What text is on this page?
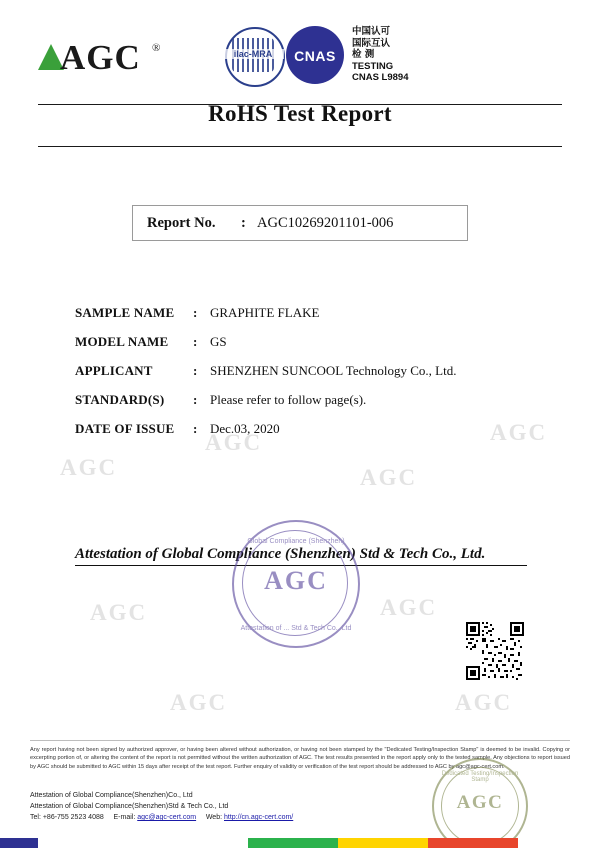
AGC
AGC
AGC
AGC
AGC	AGC
AGC	AGC
AGC ®	ilac-MRA	CNAS
中国认可
国际互认
检 测
TESTING
CNAS L9894
RoHS Test Report
Report No. : AGC10269201101-006
SAMPLE NAME : GRAPHITE FLAKE
MODEL NAME : GS
APPLICANT	: SHENZHEN SUNCOOL Technology Co., Ltd.
STANDARD(S) : Please refer to follow page(s).
DATE OF ISSUE : Dec.03, 2020
Attestation of Global Compliance (Shenzhen) Std & Tech Co., Ltd.
Global Compliance (Shenzhen)
AGC
Attestation of ... Std & Tech Co., Ltd
Any report having not been signed by authorized approver, or having been altered without authorization, or having not been stamped by the "Dedicated Testing/Inspection Stamp" is deemed to be invalid. Copying or excerpting portion of, or altering the content of the report is not permitted without the written authorization of AGC. The test results presented in the report apply only to the tested sample. Any objections to report issued by AGC should be submitted to AGC within 15 days after receipt of the test report. Further enquiry of validity or verification of the test report should be addressed to AGC by agc@agc-cert.com.
Attestation of Global Compliance(Shenzhen)Co., Ltd
Attestation of Global Compliance(Shenzhen)Std & Tech Co., Ltd
Tel: +86-755 2523 4088 E-mail: agc@agc-cert.com Web: http://cn.agc-cert.com/
Dedicated Testing/Inspection Stamp
AGC
